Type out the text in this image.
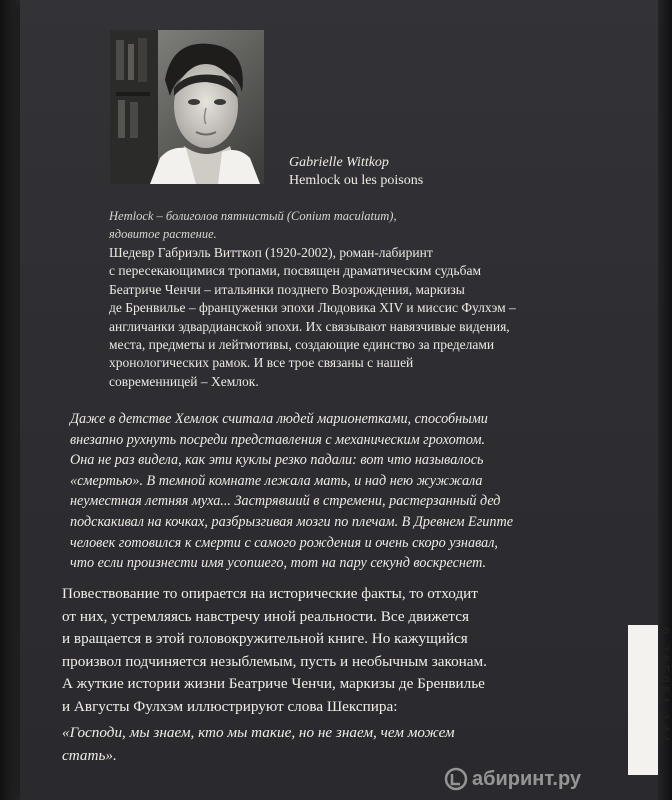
Gabrielle Wittkop
Hemlock ou les poisons
Hemlock – болиголов пятнистый (Conium maculatum),
ядовитое растение.
Шедевр Габриэль Витткоп (1920-2002), роман-лабиринт
с пересекающимися тропами, посвящен драматическим судьбам
Беатриче Ченчи – итальянки позднего Возрождения, маркизы
де Бренвилье – француженки эпохи Людовика XIV и миссис Фулхэм –
англичанки эдвардианской эпохи. Их связывают навязчивые видения,
места, предметы и лейтмотивы, создающие единство за пределами
хронологических рамок. И все трое связаны с нашей
современницей – Хемлок.
Даже в детстве Хемлок считала людей марионетками, способными
внезапно рухнуть посреди представления с механическим грохотом.
Она не раз видела, как эти куклы резко падали: вот что называлось
«смертью». В темной комнате лежала мать, и над нею жужжала
неуместная летняя муха... Застрявший в стремени, растерзанный дед
подскакивал на кочках, разбрызгивая мозги по плечам. В Древнем Египте
человек готовился к смерти с самого рождения и очень скоро узнавал,
что если произнести имя усопшего, тот на пару секунд воскреснет.
Повествование то опирается на исторические факты, то отходит
от них, устремляясь навстречу иной реальности. Все движется
и вращается в этой головокружительной книге. Но кажущийся
произвол подчиняется незыблемым, пусть и необычным законам.
А жуткие истории жизни Беатриче Ченчи, маркизы де Бренвилье
и Августы Фулхэм иллюстрируют слова Шекспира:
«Господи, мы знаем, кто мы такие, но не знаем, чем можем
стать».
9 785981 144
абиринт.ру
